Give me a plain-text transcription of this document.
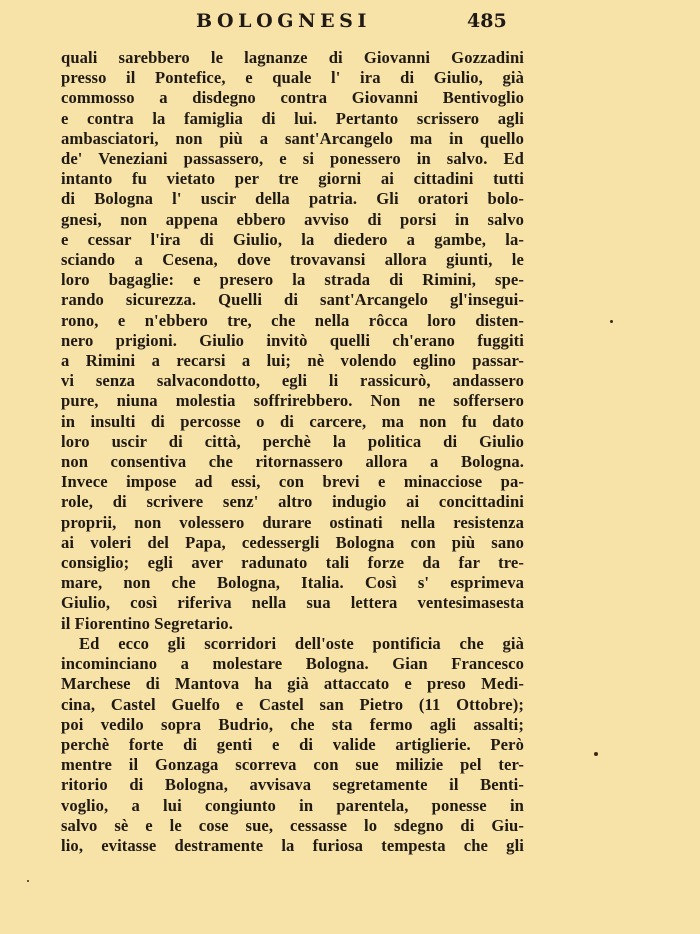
BOLOGNESI	485
quali sarebbero le lagnanze di Giovanni Gozzadini
presso il Pontefice, e quale l' ira di Giulio, già
commosso a disdegno contra Giovanni Bentivoglio
e contra la famiglia di lui. Pertanto scrissero agli
ambasciatori, non più a sant'Arcangelo ma in quello
de' Veneziani passassero, e si ponessero in salvo. Ed
intanto fu vietato per tre giorni ai cittadini tutti
di Bologna l' uscir della patria. Gli oratori bolo-
gnesi, non appena ebbero avviso di porsi in salvo
e cessar l'ira di Giulio, la diedero a gambe, la-
sciando a Cesena, dove trovavansi allora giunti, le
loro bagaglie: e presero la strada di Rimini, spe-
rando sicurezza. Quelli di sant'Arcangelo gl'insegui-
rono, e n'ebbero tre, che nella rôcca loro disten-
nero prigioni. Giulio invitò quelli ch'erano fuggiti
a Rimini a recarsi a lui; nè volendo eglino passar-
vi senza salvacondotto, egli li rassicurò, andassero
pure, niuna molestia soffrirebbero. Non ne soffersero
in insulti di percosse o di carcere, ma non fu dato
loro uscir di città, perchè la politica di Giulio
non consentiva che ritornassero allora a Bologna.
Invece impose ad essi, con brevi e minacciose pa-
role, di scrivere senz' altro indugio ai concittadini
proprii, non volessero durare ostinati nella resistenza
ai voleri del Papa, cedessergli Bologna con più sano
consiglio; egli aver radunato tali forze da far tre-
mare, non che Bologna, Italia. Così s' esprimeva
Giulio, così riferiva nella sua lettera ventesimasesta
il Fiorentino Segretario.
Ed ecco gli scorridori dell'oste pontificia che già
incominciano a molestare Bologna. Gian Francesco
Marchese di Mantova ha già attaccato e preso Medi-
cina, Castel Guelfo e Castel san Pietro (11 Ottobre);
poi vedilo sopra Budrio, che sta fermo agli assalti;
perchè forte di genti e di valide artiglierie. Però
mentre il Gonzaga scorreva con sue milizie pel ter-
ritorio di Bologna, avvisava segretamente il Benti-
voglio, a lui congiunto in parentela, ponesse in
salvo sè e le cose sue, cessasse lo sdegno di Giu-
lio, evitasse destramente la furiosa tempesta che gli
